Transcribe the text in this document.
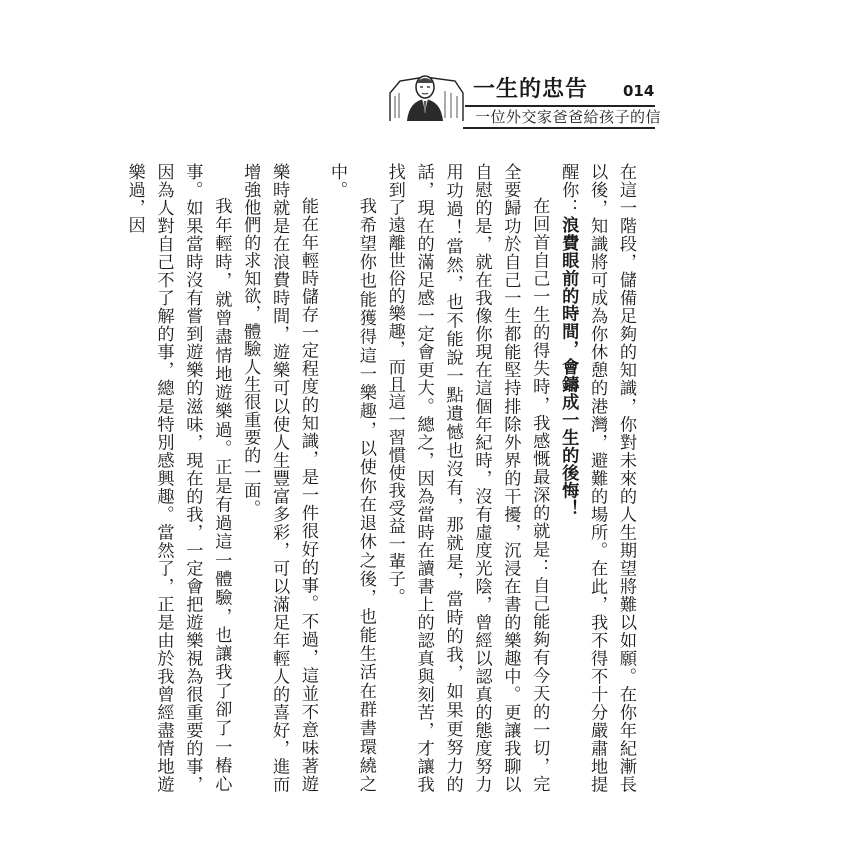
一生的忠告 014
一位外交家爸爸給孩子的信

在這一階段，儲備足夠的知識，你對未來的人生期望將難以如願。在你年紀漸長以後，知識將可成為你休憩的港灣，避難的場所。在此，我不得不十分嚴肅地提醒你：浪費眼前的時間，會鑄成一生的後悔！

在回首自己一生的得失時，我感慨最深的就是：自己能夠有今天的一切，完全要歸功於自己一生都能堅持排除外界的干擾，沉浸在書的樂趣中。更讓我聊以自慰的是，就在我像你現在這個年紀時，沒有虛度光陰，曾經以認真的態度努力用功過！當然，也不能說一點遺憾也沒有，那就是，當時的我，如果更努力的話，現在的滿足感一定會更大。總之，因為當時在讀書上的認真與刻苦，才讓我找到了遠離世俗的樂趣，而且這一習慣使我受益一輩子。

我希望你也能獲得這一樂趣，以使你在退休之後，也能生活在群書環繞之中。

能在年輕時儲存一定程度的知識，是一件很好的事。不過，這並不意味著遊樂時就是在浪費時間，遊樂可以使人生豐富多彩，可以滿足年輕人的喜好，進而增強他們的求知欲，體驗人生很重要的一面。

我年輕時，就曾盡情地遊樂過。正是有過這一體驗，也讓我了卻了一樁心事。如果當時沒有嘗到遊樂的滋味，現在的我，一定會把遊樂視為很重要的事，因為人對自己不了解的事，總是特別感興趣。當然了，正是由於我曾經盡情地遊樂過，因
